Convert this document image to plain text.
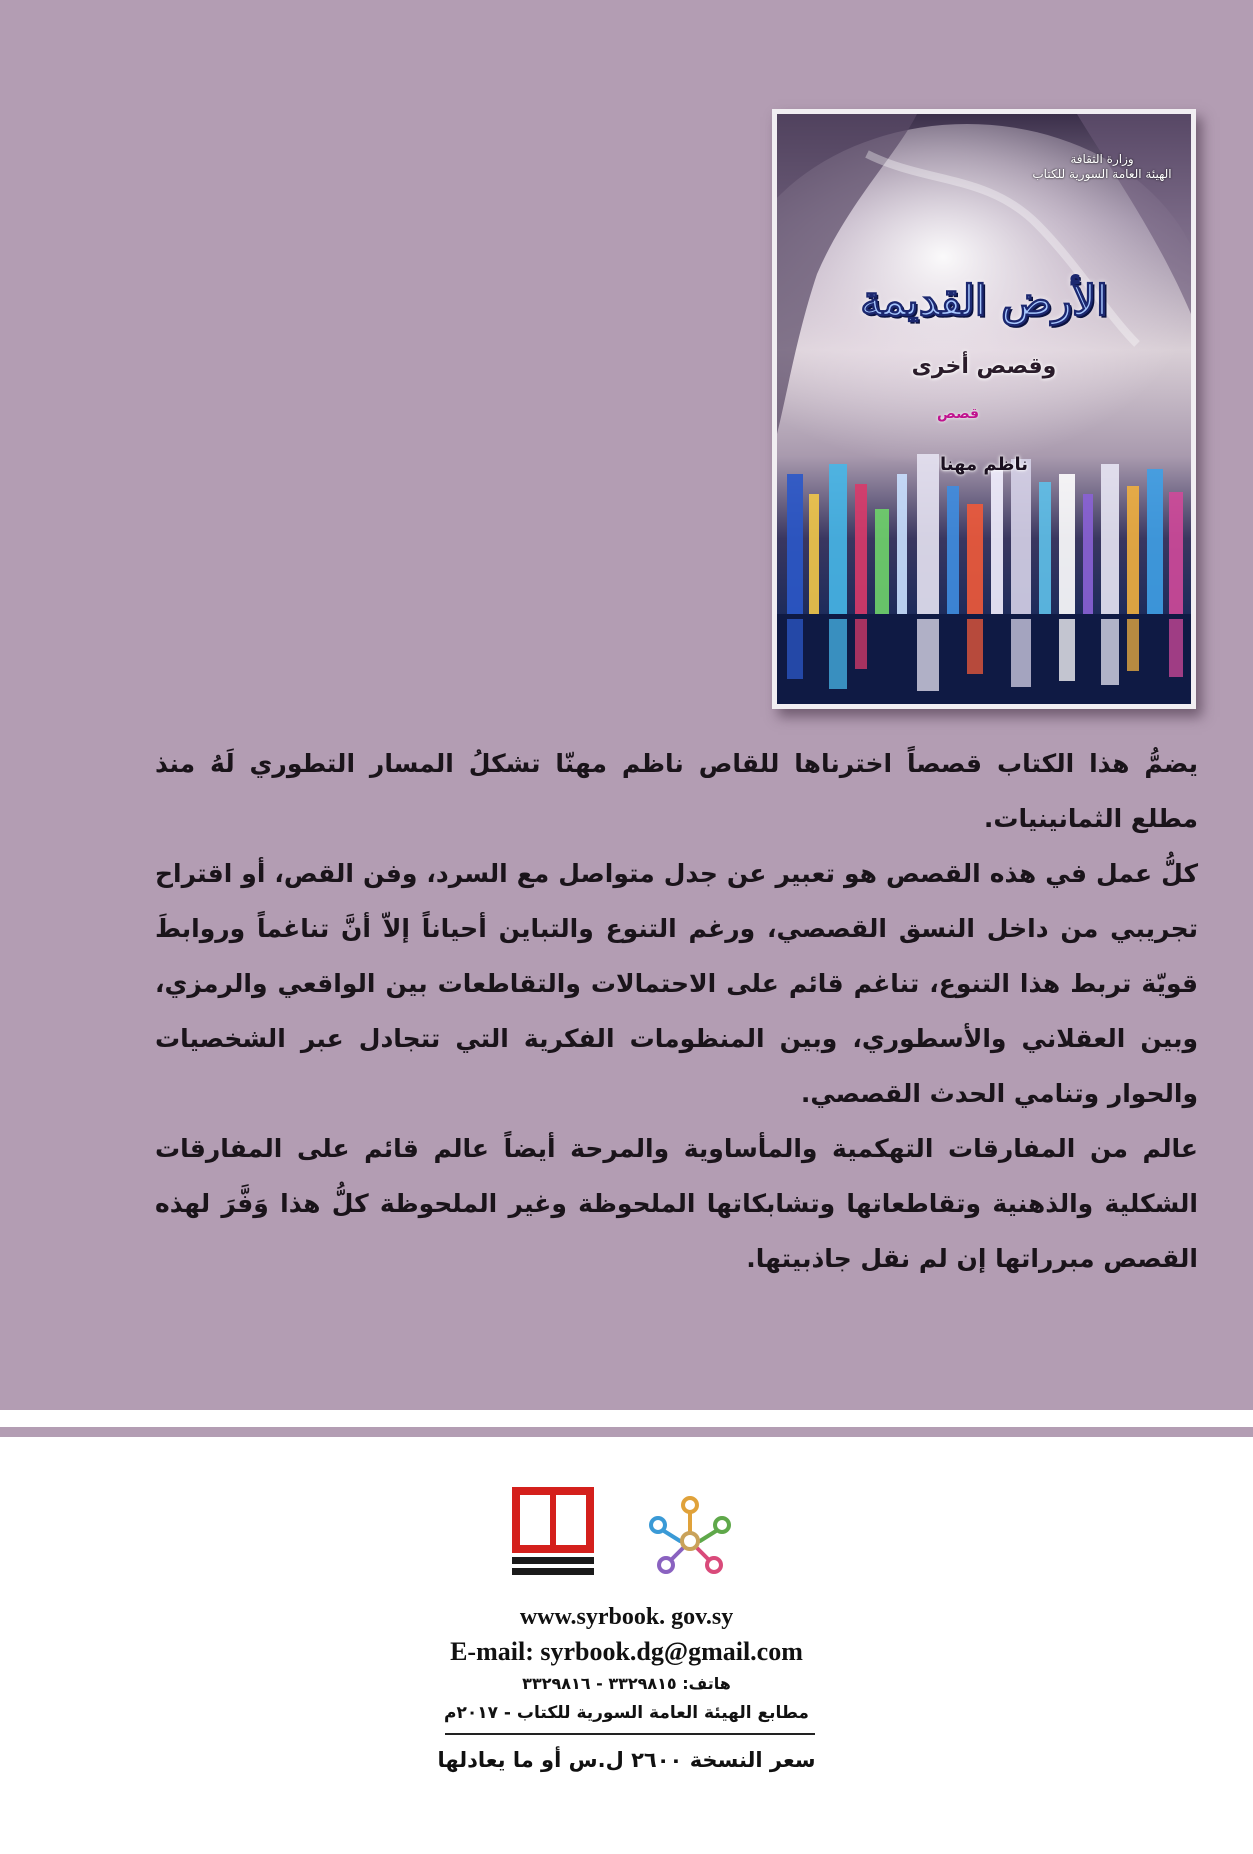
وزارة الثقافة
الهيئة العامة السورية للكتاب
الأرض القديمة
وقصص أخرى
قصص
ناظم مهنا

يضمُّ هذا الكتاب قصصاً اخترناها للقاص ناظم مهنّا تشكلُ المسار التطوري لَهُ منذ مطلع الثمانينيات.

كلُّ عمل في هذه القصص هو تعبير عن جدل متواصل مع السرد، وفن القص، أو اقتراح تجريبي من داخل النسق القصصي، ورغم التنوع والتباين أحياناً إلاّ أنَّ تناغماً وروابطَ قويّة تربط هذا التنوع، تناغم قائم على الاحتمالات والتقاطعات بين الواقعي والرمزي، وبين العقلاني والأسطوري، وبين المنظومات الفكرية التي تتجادل عبر الشخصيات والحوار وتنامي الحدث القصصي.

عالم من المفارقات التهكمية والمأساوية والمرحة أيضاً عالم قائم على المفارقات الشكلية والذهنية وتقاطعاتها وتشابكاتها الملحوظة وغير الملحوظة كلُّ هذا وَفَّرَ لهذه القصص مبرراتها إن لم نقل جاذبيتها.

www.syrbook. gov.sy
E-mail: syrbook.dg@gmail.com
هاتف: ٣٣٢٩٨١٥ - ٣٣٢٩٨١٦
مطابع الهيئة العامة السورية للكتاب - ٢٠١٧م
سعر النسخة ٢٦٠٠ ل.س أو ما يعادلها
